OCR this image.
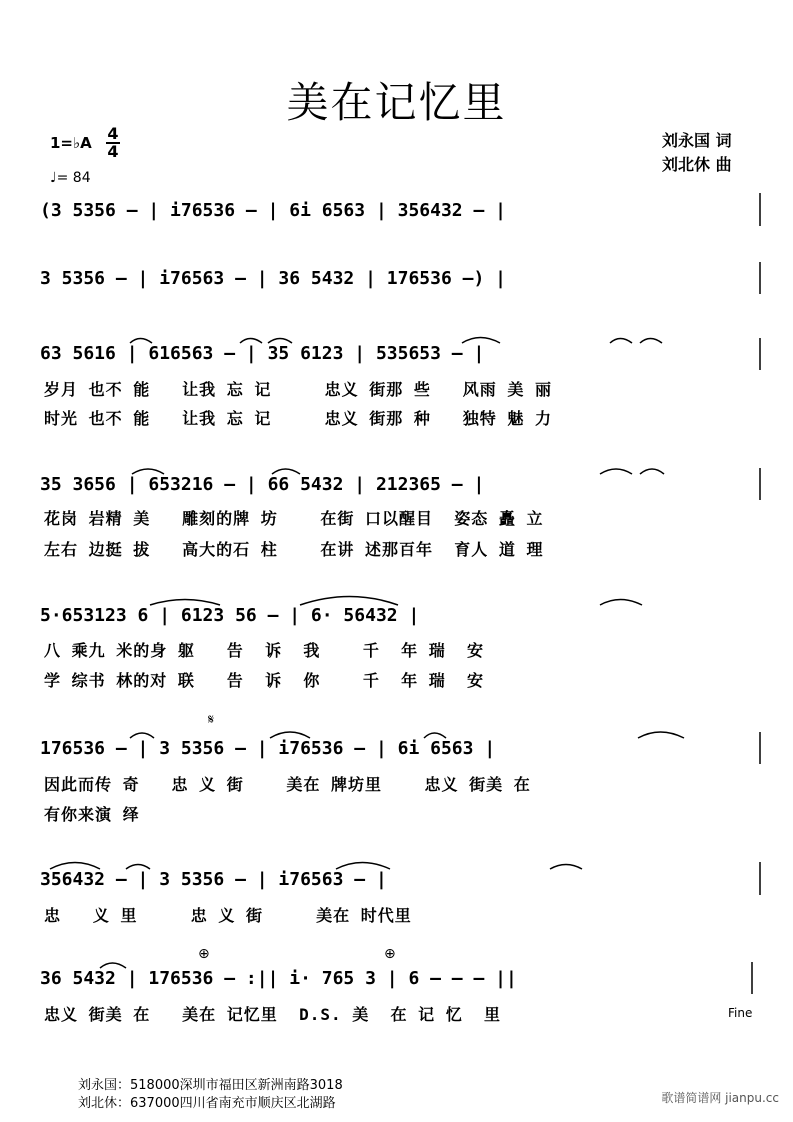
美在记忆里
1=♭A 4
4
♩= 84
刘永国 词
刘北休 曲
(3 5356 – | i76536 – | 6i 6563 | 356432 – |
3 5356 – | i76563 – | 36 5432 | 176536 –) |
63 5616 | 616563 – | 35 6123 | 535653 – |
岁月 也不 能   让我 忘 记     忠义 街那 些   风雨 美 丽
时光 也不 能   让我 忘 记     忠义 街那 种   独特 魅 力
35 3656 | 653216 – | 66 5432 | 212365 – |
花岗 岩精 美   雕刻的牌 坊    在街 口以醒目  姿态 矗 立
左右 边挺 拔   高大的石 柱    在讲 述那百年  育人 道 理
5·653123 6 | 6123 56 – | 6· 56432 |
八 乘九 米的身 躯   告  诉  我    千  年 瑞  安
学 综书 林的对 联   告  诉  你    千  年 瑞  安
𝄋
176536 – | 3 5356 – | i76536 – | 6i 6563 |
因此而传 奇   忠 义 街    美在 牌坊里    忠义 街美 在
有你来演 绎
356432 – | 3 5356 – | i76563 – |
忠   义 里     忠 义 街     美在 时代里
⊕	⊕
36 5432 | 176536 – :|| i· 765 3 | 6 – – – ||
忠义 街美 在   美在 记忆里  D.S. 美  在 记 忆  里	Fine
刘永国：518000深圳市福田区新洲南路3018
刘北休：637000四川省南充市顺庆区北湖路	歌谱简谱网 jianpu.cc
